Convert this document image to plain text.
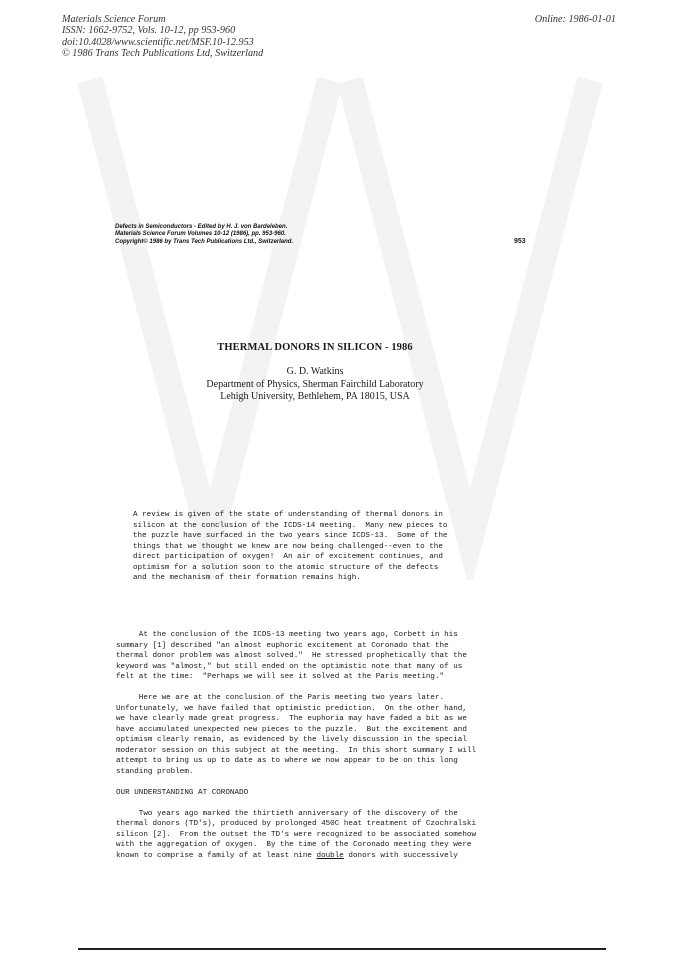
Materials Science Forum
ISSN: 1662-9752, Vols. 10-12, pp 953-960
doi:10.4028/www.scientific.net/MSF.10-12.953
© 1986 Trans Tech Publications Ltd, Switzerland
Online: 1986-01-01
Defects in Semiconductors - Edited by H. J. von Bardeleben.
Materials Science Forum Volumes 10-12 (1986), pp. 953-960.
Copyright© 1986 by Trans Tech Publications Ltd., Switzerland.	953
THERMAL DONORS IN SILICON - 1986
G. D. Watkins
Department of Physics, Sherman Fairchild Laboratory
Lehigh University, Bethlehem, PA 18015, USA
A review is given of the state of understanding of thermal donors in
silicon at the conclusion of the ICDS-14 meeting.  Many new pieces to
the puzzle have surfaced in the two years since ICDS-13.  Some of the
things that we thought we knew are now being challenged--even to the
direct participation of oxygen!  An air of excitement continues, and
optimism for a solution soon to the atomic structure of the defects
and the mechanism of their formation remains high.
At the conclusion of the ICDS-13 meeting two years ago, Corbett in his
summary [1] described "an almost euphoric excitement at Coronado that the
thermal donor problem was almost solved."  He stressed prophetically that the
keyword was "almost," but still ended on the optimistic note that many of us
felt at the time:  "Perhaps we will see it solved at the Paris meeting."
Here we are at the conclusion of the Paris meeting two years later.
Unfortunately, we have failed that optimistic prediction.  On the other hand,
we have clearly made great progress.  The euphoria may have faded a bit as we
have accumulated unexpected new pieces to the puzzle.  But the excitement and
optimism clearly remain, as evidenced by the lively discussion in the special
moderator session on this subject at the meeting.  In this short summary I will
attempt to bring us up to date as to where we now appear to be on this long
standing problem.
OUR UNDERSTANDING AT CORONADO
Two years ago marked the thirtieth anniversary of the discovery of the
thermal donors (TD's), produced by prolonged 450C heat treatment of Czochralski
silicon [2].  From the outset the TD's were recognized to be associated somehow
with the aggregation of oxygen.  By the time of the Coronado meeting they were
known to comprise a family of at least nine double donors with successively
